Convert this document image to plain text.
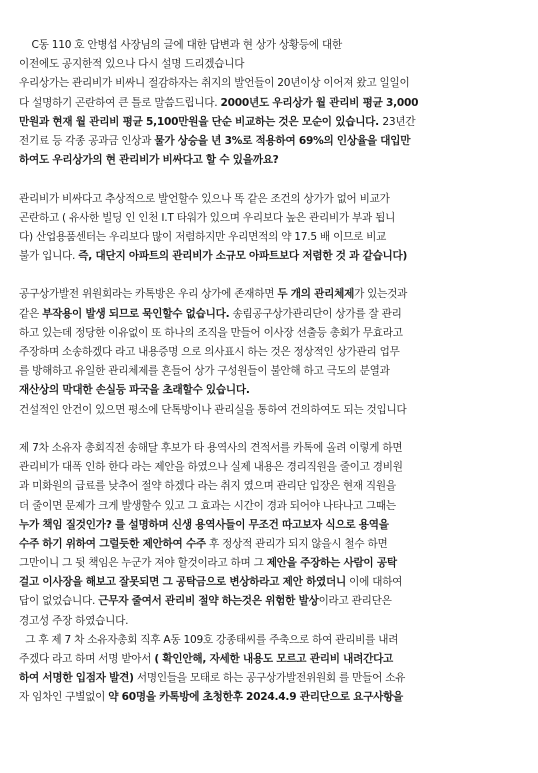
C동 110 호 안병섭 사장님의 글에 대한 답변과 현 상가 상황등에 대한
이전에도 공지한적 있으나 다시 설명 드리겠습니다
우리상가는 관리비가 비싸니 절감하자는 취지의 발언들이 20년이상 이어져 왔고 일일이
다 설명하기 곤란하여 큰 틀로 말씀드립니다. 2000년도 우리상가 월 관리비 평균 3,000
만원과 현재 월 관리비 평균 5,100만원을 단순 비교하는 것은 모순이 있습니다. 23년간
전기료 등 각종 공과금 인상과 물가 상승을 년 3%로 적용하여 69%의 인상율을 대입만
하여도 우리상가의 현 관리비가 비싸다고 할 수 있을까요?
관리비가 비싸다고 추상적으로 발언할수 있으나 똑 같은 조건의 상가가 없어 비교가
곤란하고 ( 유사한 빌딩 인 인천 I.T 타워가 있으며 우리보다 높은 관리비가 부과 됩니
다) 산업용품센터는 우리보다 많이 저렴하지만 우리면적의 약 17.5 배 이므로 비교
불가 입니다. 즉, 대단지 아파트의 관리비가 소규모 아파트보다 저렴한 것 과 같습니다)
공구상가발전 위원회라는 카톡방은 우리 상가에 존재하면 두 개의 관리체제가 있는것과
같은 부작용이 발생 되므로 묵인할수 없습니다. 송림공구상가관리단이 상가를 잘 관리
하고 있는데 정당한 이유없이 또 하나의 조직을 만들어 이사장 선출등 총회가 무효라고
주장하며 소송하겠다 라고 내용증명 으로 의사표시 하는 것은 정상적인 상가관리 업무
를 방해하고 유일한 관리체제를 흔들어 상가 구성원들이 불안해 하고 극도의 분열과
재산상의 막대한 손실등 파국을 초래할수 있습니다.
건설적인 안건이 있으면 평소에 단톡방이나 관리실을 통하여 건의하여도 되는 것입니다
제 7차 소유자 총회직전 송해달 후보가 타 용역사의 견적서를 카톡에 올려 이렇게 하면
관리비가 대폭 인하 한다 라는 제안을 하였으나 실제 내용은 경리직원을 줄이고 경비원
과 미화원의 급료를 낮추어 절약 하겠다 라는 취지 였으며 관리단 입장은 현재 직원을
더 줄이면 문제가 크게 발생할수 있고 그 효과는 시간이 경과 되어야 나타나고 그때는
누가 책임 질것인가? 를 설명하며 신생 용역사들이 무조건 따고보자 식으로 용역을
수주 하기 위하여 그럴듯한 제안하여 수주 후 정상적 관리가 되지 않을시 철수 하면
그만이니 그 뒷 책임은 누군가 져야 할것이라고 하며 그 제안을 주장하는 사람이 공탁
걸고 이사장을 해보고 잘못되면 그 공탁금으로 변상하라고 제안 하였더니 이에 대하여
답이 없었습니다. 근무자 줄여서 관리비 절약 하는것은 위험한 발상이라고 관리단은
경고성 주장 하였습니다.
그 후 제 7 차 소유자총회 직후 A동 109호 강종태씨를 주축으로 하여 관리비를 내려
주겠다 라고 하며 서명 받아서 ( 확인안해, 자세한 내용도 모르고 관리비 내려간다고
하여 서명한 입점자 발견) 서명인들을 모태로 하는 공구상가발전위원회 를 만들어 소유
자 임차인 구별없이 약 60명을 카톡방에 초청한후 2024.4.9 관리단으로 요구사항을
